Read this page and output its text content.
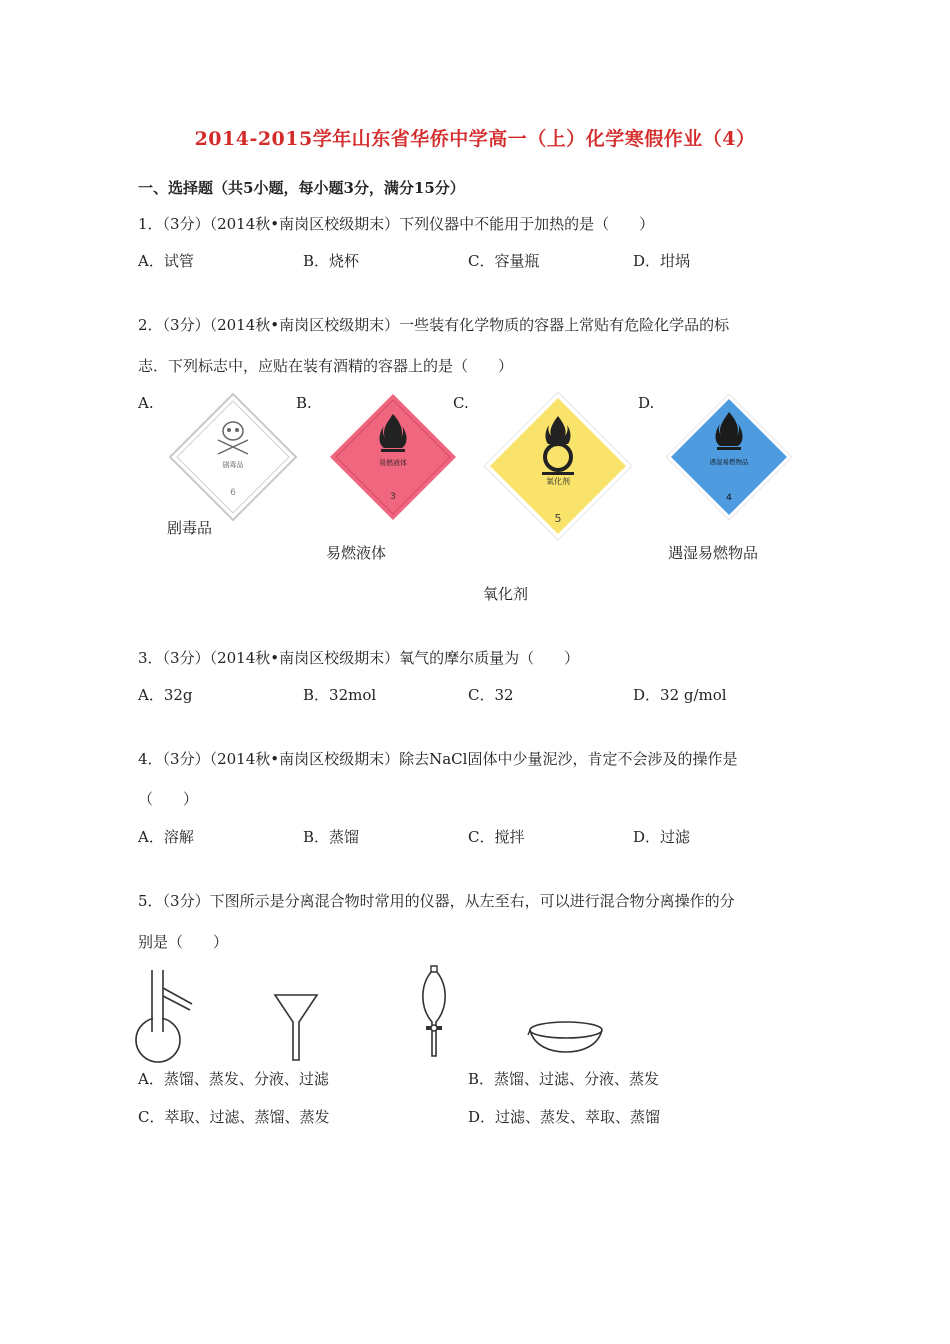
2014-2015学年山东省华侨中学高一（上）化学寒假作业（4）
一、选择题（共5小题，每小题3分，满分15分）
1．（3分）（2014秋•南岗区校级期末）下列仪器中不能用于加热的是（　　）
A．试管	B．烧杯	C．容量瓶	D．坩埚
2．（3分）（2014秋•南岗区校级期末）一些装有化学物质的容器上常贴有危险化学品的标
志．下列标志中，应贴在装有酒精的容器上的是（　　）
A.	B.	C.	D.
剧毒品
6
剧毒品
易燃液体
3
易燃液体
氧化剂
5
氧化剂
遇湿易燃物品
4
遇湿易燃物品
3．（3分）（2014秋•南岗区校级期末）氧气的摩尔质量为（　　）
A．32g	B．32mol	C．32	D．32 g/mol
4．（3分）（2014秋•南岗区校级期末）除去NaCl固体中少量泥沙，肯定不会涉及的操作是
（　　）
A．溶解	B．蒸馏	C．搅拌	D．过滤
5．（3分）下图所示是分离混合物时常用的仪器，从左至右，可以进行混合物分离操作的分
别是（　　）
A．蒸馏、蒸发、分液、过滤	B．蒸馏、过滤、分液、蒸发
C．萃取、过滤、蒸馏、蒸发	D．过滤、蒸发、萃取、蒸馏
